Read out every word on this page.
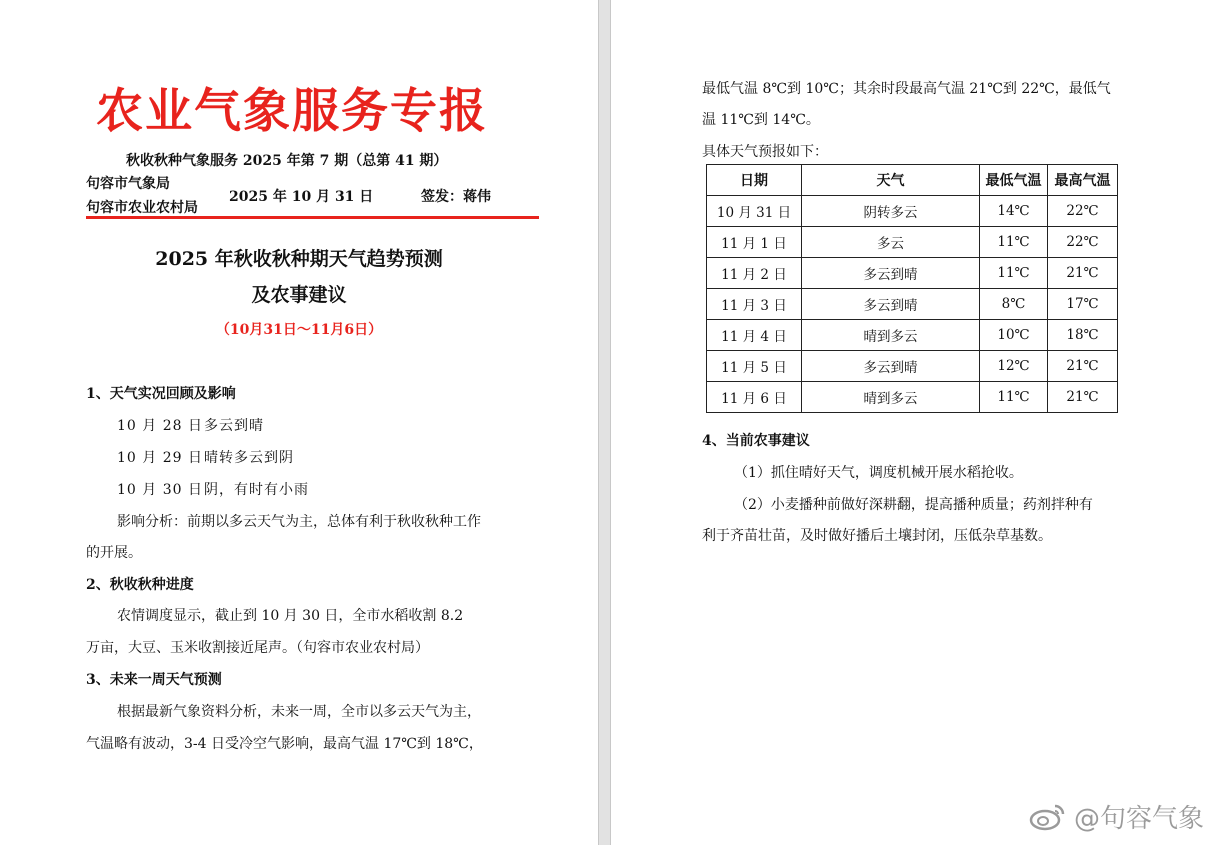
农业气象服务专报
秋收秋种气象服务 2025 年第 7 期（总第 41 期）
句容市气象局
句容市农业农村局
2025 年 10 月 31 日	签发：蒋伟
2025 年秋收秋种期天气趋势预测
及农事建议
（10月31日～11月6日）
1、天气实况回顾及影响
10 月 28 日 多云到晴
10 月 29 日 晴转多云到阴
10 月 30 日 阴，有时有小雨
影响分析：前期以多云天气为主，总体有利于秋收秋种工作
的开展。
2、秋收秋种进度
农情调度显示，截止到 10 月 30 日，全市水稻收割 8.2
万亩，大豆、玉米收割接近尾声。（句容市农业农村局）
3、未来一周天气预测
根据最新气象资料分析，未来一周，全市以多云天气为主，
气温略有波动，3-4 日受冷空气影响，最高气温 17℃到 18℃，
最低气温 8℃到 10℃；其余时段最高气温 21℃到 22℃，最低气
温 11℃到 14℃。
具体天气预报如下：
日期	天气	最低气温	最高气温
10 月 31 日	阴转多云	14℃	22℃
11 月 1 日	多云	11℃	22℃
11 月 2 日	多云到晴	11℃	21℃
11 月 3 日	多云到晴	8℃	17℃
11 月 4 日	晴到多云	10℃	18℃
11 月 5 日	多云到晴	12℃	21℃
11 月 6 日	晴到多云	11℃	21℃
4、当前农事建议
（1）抓住晴好天气，调度机械开展水稻抢收。
（2）小麦播种前做好深耕翻，提高播种质量；药剂拌种有
利于齐苗壮苗，及时做好播后土壤封闭，压低杂草基数。
@句容气象
